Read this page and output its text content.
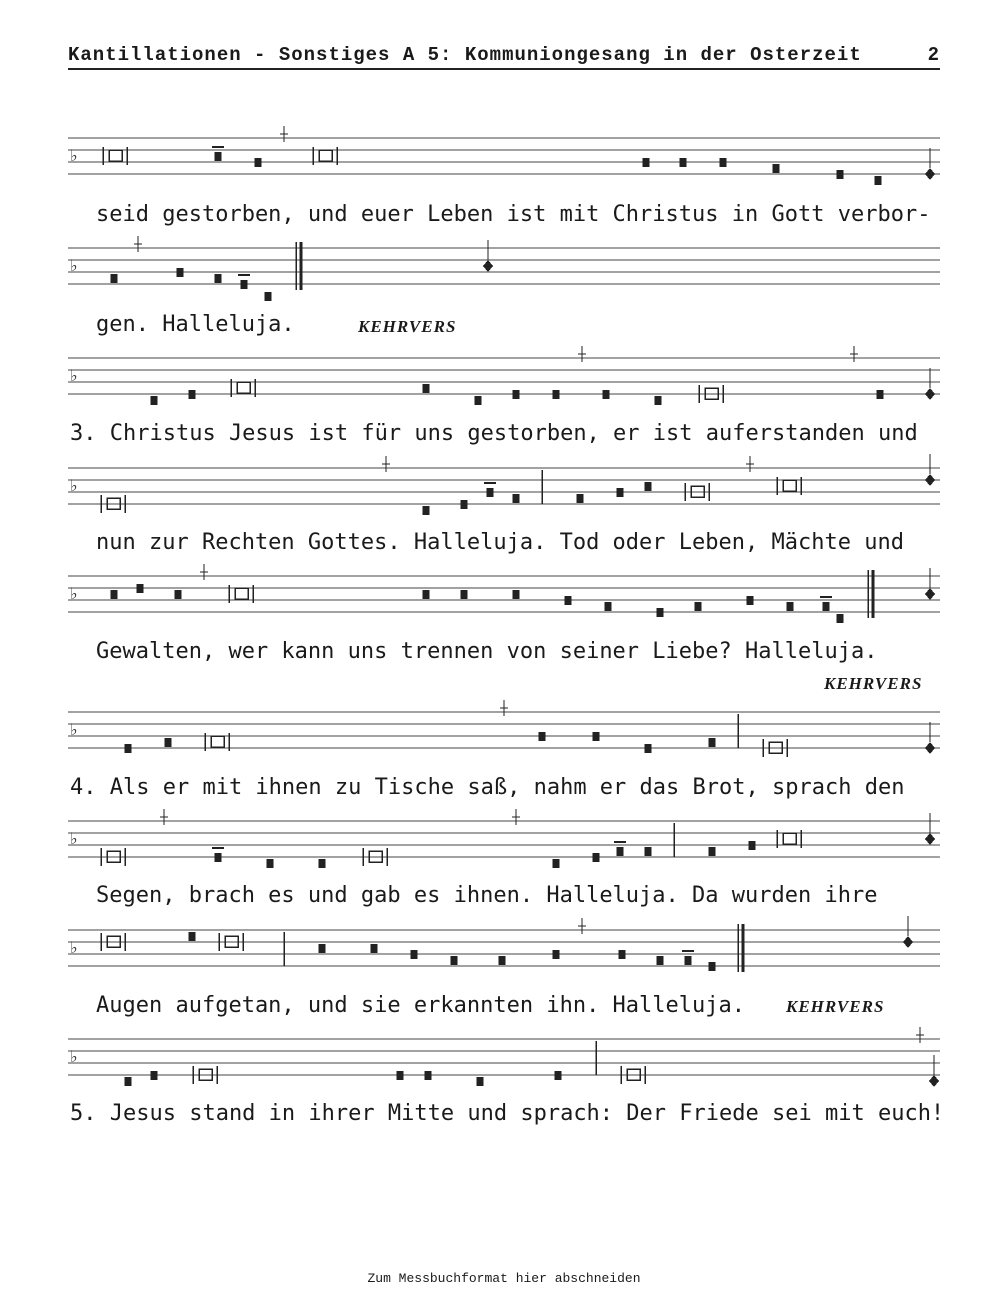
Kantillationen - Sonstiges A 5: Kommuniongesang in der Osterzeit	2
♭
seid gestorben, und euer Leben ist mit Christus in Gott verbor-
♭
gen. Halleluja.	KEHRVERS
♭
3. Christus Jesus ist für uns gestorben, er ist auferstanden und
♭
nun zur Rechten Gottes. Halleluja. Tod oder Leben, Mächte und
♭
Gewalten, wer kann uns trennen von seiner Liebe? Halleluja.
KEHRVERS
♭
4. Als er mit ihnen zu Tische saß, nahm er das Brot, sprach den
♭
Segen, brach es und gab es ihnen. Halleluja. Da wurden ihre
♭
Augen aufgetan, und sie erkannten ihn. Halleluja. KEHRVERS
♭
5. Jesus stand in ihrer Mitte und sprach: Der Friede sei mit euch!
Zum Messbuchformat hier abschneiden
